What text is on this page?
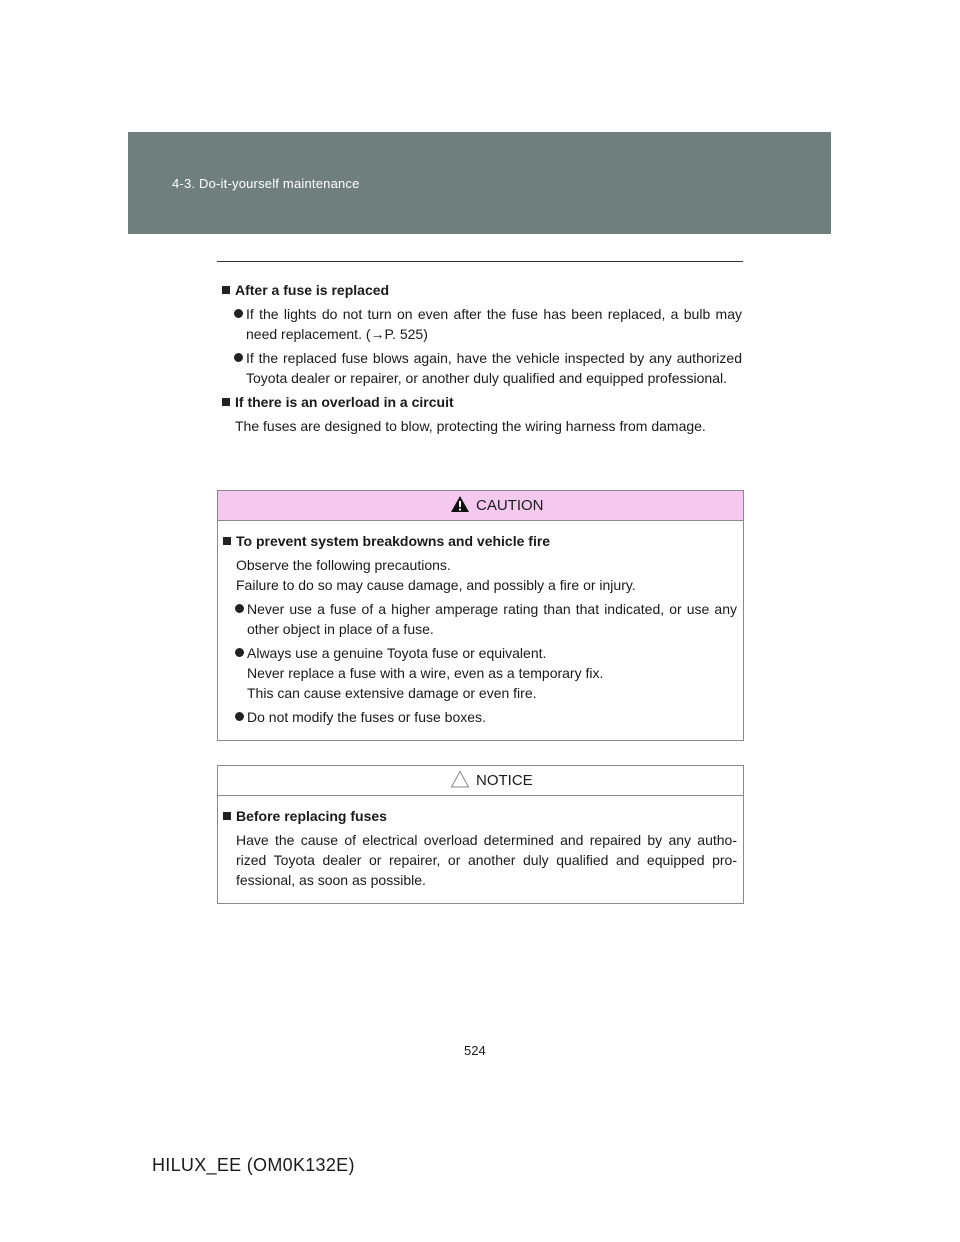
4-3. Do-it-yourself maintenance
After a fuse is replaced
If the lights do not turn on even after the fuse has been replaced, a bulb may need replacement. (→P. 525)
If the replaced fuse blows again, have the vehicle inspected by any authorized Toyota dealer or repairer, or another duly qualified and equipped professional.
If there is an overload in a circuit
The fuses are designed to blow, protecting the wiring harness from damage.
CAUTION
To prevent system breakdowns and vehicle fire
Observe the following precautions.
Failure to do so may cause damage, and possibly a fire or injury.
Never use a fuse of a higher amperage rating than that indicated, or use any other object in place of a fuse.
Always use a genuine Toyota fuse or equivalent.
Never replace a fuse with a wire, even as a temporary fix.
This can cause extensive damage or even fire.
Do not modify the fuses or fuse boxes.
NOTICE
Before replacing fuses
Have the cause of electrical overload determined and repaired by any autho-rized Toyota dealer or repairer, or another duly qualified and equipped pro-fessional, as soon as possible.
524
HILUX_EE (OM0K132E)
